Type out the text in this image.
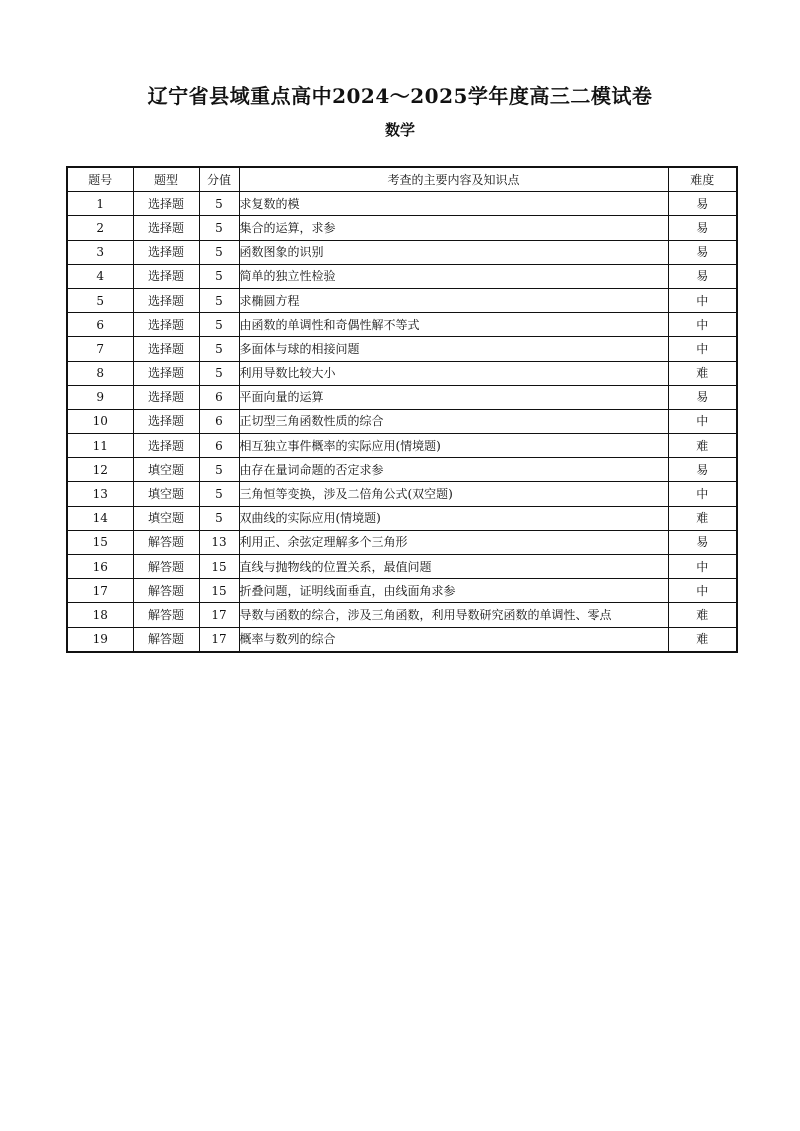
辽宁省县域重点高中2024～2025学年度高三二模试卷
数学
题号	题型	分值	考查的主要内容及知识点	难度
1	选择题	5	求复数的模	易
2	选择题	5	集合的运算，求参	易
3	选择题	5	函数图象的识别	易
4	选择题	5	简单的独立性检验	易
5	选择题	5	求椭圆方程	中
6	选择题	5	由函数的单调性和奇偶性解不等式	中
7	选择题	5	多面体与球的相接问题	中
8	选择题	5	利用导数比较大小	难
9	选择题	6	平面向量的运算	易
10	选择题	6	正切型三角函数性质的综合	中
11	选择题	6	相互独立事件概率的实际应用(情境题)	难
12	填空题	5	由存在量词命题的否定求参	易
13	填空题	5	三角恒等变换，涉及二倍角公式(双空题)	中
14	填空题	5	双曲线的实际应用(情境题)	难
15	解答题	13	利用正、余弦定理解多个三角形	易
16	解答题	15	直线与抛物线的位置关系，最值问题	中
17	解答题	15	折叠问题，证明线面垂直，由线面角求参	中
18	解答题	17	导数与函数的综合，涉及三角函数，利用导数研究函数的单调性、零点	难
19	解答题	17	概率与数列的综合	难
